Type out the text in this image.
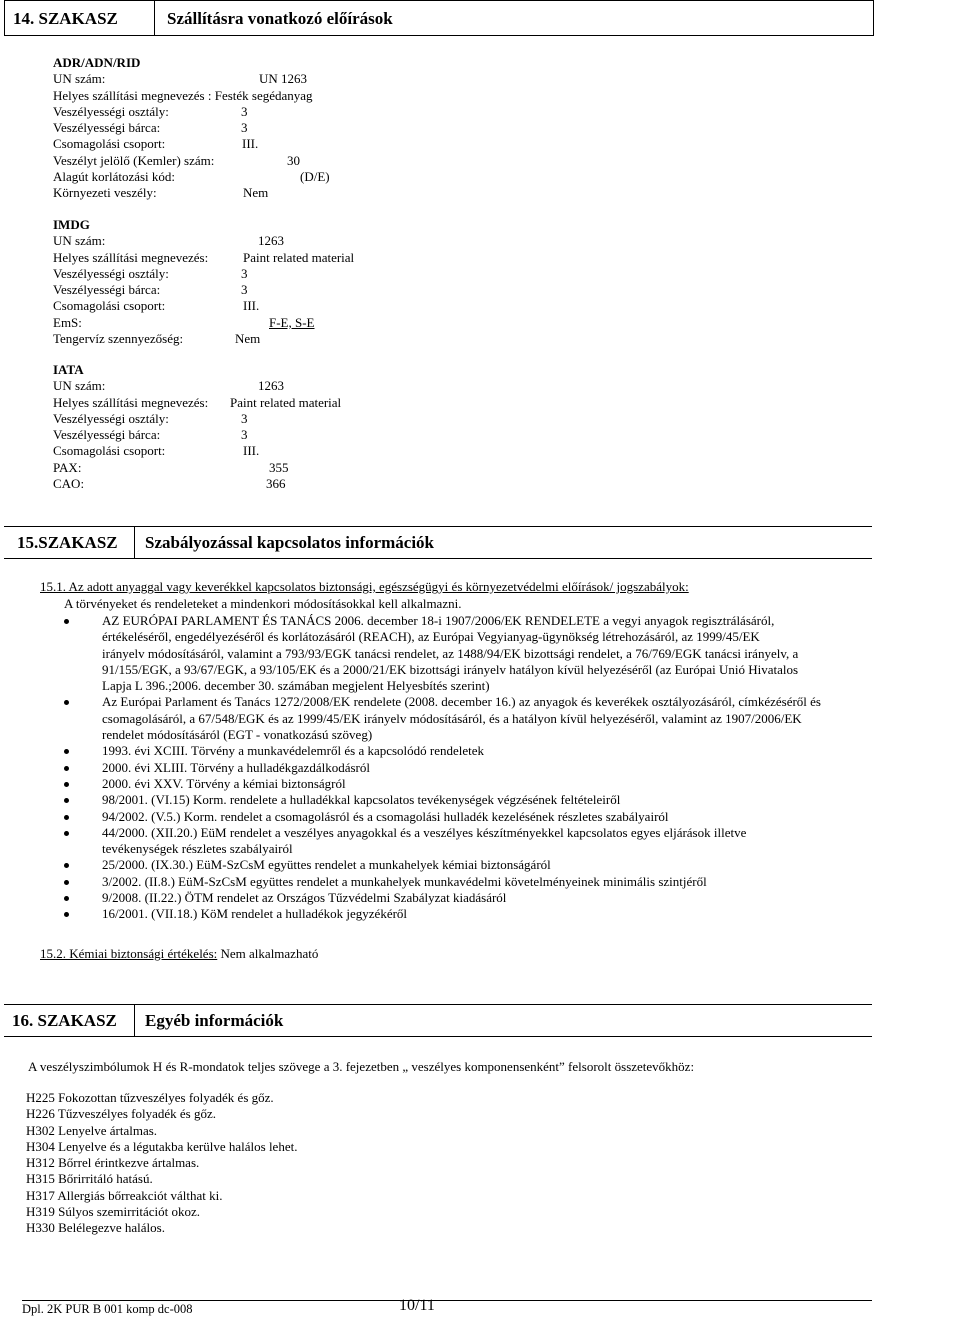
14. SZAKASZ	Szállításra vonatkozó előírások
ADR/ADN/RID
UN szám:	UN 1263
Helyes szállítási megnevezés : Festék segédanyag
Veszélyességi osztály:	3
Veszélyességi bárca:	3
Csomagolási csoport:	III.
Veszélyt jelölő (Kemler) szám:	30
Alagút korlátozási kód:	(D/E)
Környezeti veszély:	Nem
IMDG
UN szám:	1263
Helyes szállítási megnevezés:	Paint related material
Veszélyességi osztály:	3
Veszélyességi bárca:	3
Csomagolási csoport:	III.
EmS:	F-E, S-E
Tengervíz szennyezőség:	Nem
IATA
UN szám:	1263
Helyes szállítási megnevezés: Paint related material
Veszélyességi osztály:	3
Veszélyességi bárca:	3
Csomagolási csoport:	III.
PAX:	355
CAO:	366
15.SZAKASZ	Szabályozással kapcsolatos információk
15.1. Az adott anyaggal vagy keverékkel kapcsolatos biztonsági, egészségügyi és környezetvédelmi előírások/ jogszabályok:
A törvényeket és rendeleteket a mindenkori módosításokkal kell alkalmazni.
AZ EURÓPAI PARLAMENT ÉS TANÁCS 2006. december 18-i 1907/2006/EK RENDELETE a vegyi anyagok regisztrálásáról,
értékeléséről, engedélyezéséről és korlátozásáról (REACH), az Európai Vegyianyag-ügynökség létrehozásáról, az 1999/45/EK
irányelv módosításáról, valamint a 793/93/EGK tanácsi rendelet, az 1488/94/EK bizottsági rendelet, a 76/769/EGK tanácsi irányelv, a
91/155/EGK, a 93/67/EGK, a 93/105/EK és a 2000/21/EK bizottsági irányelv hatályon kívül helyezéséről (az Európai Unió Hivatalos
Lapja L 396.;2006. december 30. számában megjelent Helyesbítés szerint)
Az Európai Parlament és Tanács 1272/2008/EK rendelete (2008. december 16.) az anyagok és keverékek osztályozásáról, címkézéséről és
csomagolásáról, a 67/548/EGK és az 1999/45/EK irányelv módosításáról, és a hatályon kívül helyezéséről, valamint az 1907/2006/EK
rendelet módosításáról (EGT - vonatkozású szöveg)
1993. évi XCIII. Törvény a munkavédelemről és a kapcsolódó rendeletek
2000. évi XLIII. Törvény a hulladékgazdálkodásról
2000. évi XXV. Törvény a kémiai biztonságról
98/2001. (VI.15) Korm. rendelete a hulladékkal kapcsolatos tevékenységek végzésének feltételeiről
94/2002. (V.5.) Korm. rendelet a csomagolásról és a csomagolási hulladék kezelésének részletes szabályairól
44/2000. (XII.20.) EüM rendelet a veszélyes anyagokkal és a veszélyes készítményekkel kapcsolatos egyes eljárások illetve
tevékenységek részletes szabályairól
25/2000. (IX.30.) EüM-SzCsM együttes rendelet a munkahelyek kémiai biztonságáról
3/2002. (II.8.) EüM-SzCsM együttes rendelet a munkahelyek munkavédelmi követelményeinek minimális szintjéről
9/2008. (II.22.) ÖTM rendelet az Országos Tűzvédelmi Szabályzat kiadásáról
16/2001. (VII.18.) KöM rendelet a hulladékok jegyzékéről
15.2. Kémiai biztonsági értékelés: Nem alkalmazható
16. SZAKASZ	Egyéb információk
A veszélyszimbólumok H és R-mondatok teljes szövege a 3. fejezetben „ veszélyes komponensenként” felsorolt összetevőkhöz:
H225 Fokozottan tűzveszélyes folyadék és gőz.
H226 Tűzveszélyes folyadék és gőz.
H302 Lenyelve ártalmas.
H304 Lenyelve és a légutakba kerülve halálos lehet.
H312 Bőrrel érintkezve ártalmas.
H315 Bőrirritáló hatású.
H317 Allergiás bőrreakciót válthat ki.
H319 Súlyos szemirritációt okoz.
H330 Belélegezve halálos.
Dpl. 2K PUR B 001 komp dc-008	10/11
